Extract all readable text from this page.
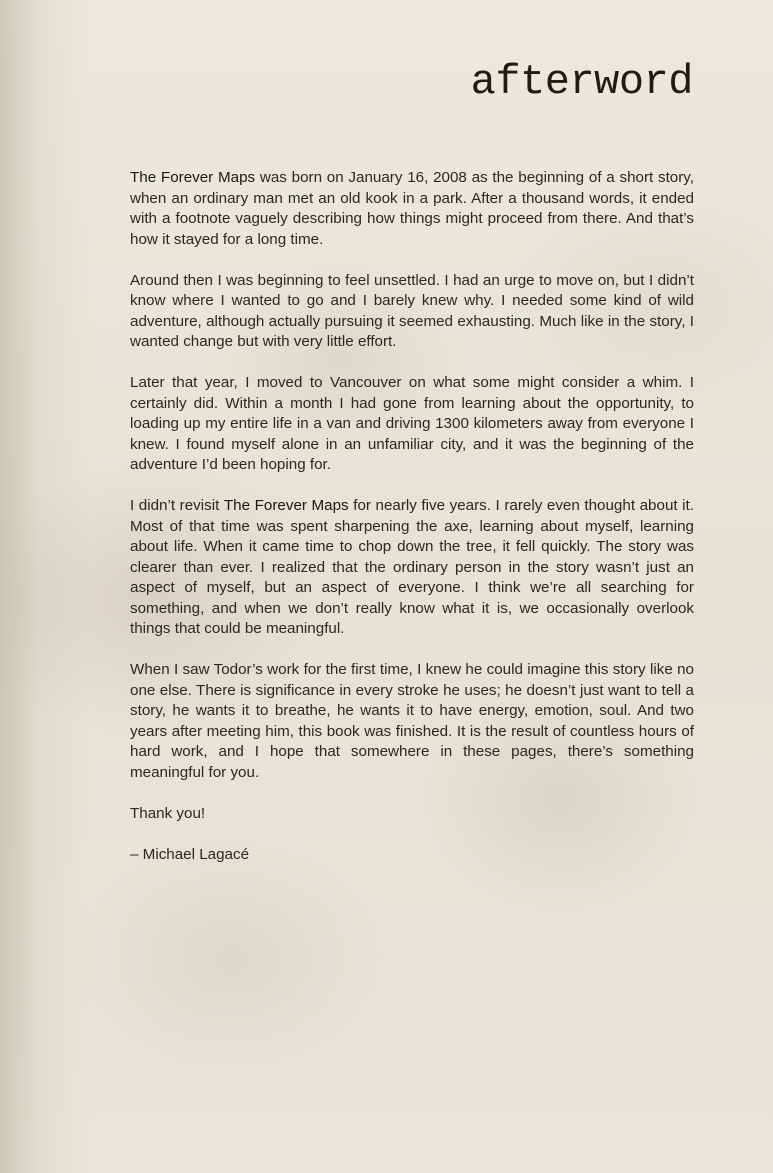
afterword

The Forever Maps was born on January 16, 2008 as the beginning of a short story, when an ordinary man met an old kook in a park. After a thousand words, it ended with a footnote vaguely describing how things might proceed from there. And that’s how it stayed for a long time.

Around then I was beginning to feel unsettled. I had an urge to move on, but I didn’t know where I wanted to go and I barely knew why. I needed some kind of wild adventure, although actually pursuing it seemed exhausting. Much like in the story, I wanted change but with very little effort.

Later that year, I moved to Vancouver on what some might consider a whim. I certainly did. Within a month I had gone from learning about the opportunity, to loading up my entire life in a van and driving 1300 kilometers away from everyone I knew. I found myself alone in an unfamiliar city, and it was the beginning of the adventure I’d been hoping for.

I didn’t revisit The Forever Maps for nearly five years. I rarely even thought about it. Most of that time was spent sharpening the axe, learning about myself, learning about life. When it came time to chop down the tree, it fell quickly. The story was clearer than ever. I realized that the ordinary person in the story wasn’t just an aspect of myself, but an aspect of everyone. I think we’re all searching for something, and when we don’t really know what it is, we occasionally overlook things that could be meaningful.

When I saw Todor’s work for the first time, I knew he could imagine this story like no one else. There is significance in every stroke he uses; he doesn’t just want to tell a story, he wants it to breathe, he wants it to have energy, emotion, soul. And two years after meeting him, this book was finished. It is the result of countless hours of hard work, and I hope that somewhere in these pages, there’s something meaningful for you.

Thank you!

– Michael Lagacé
